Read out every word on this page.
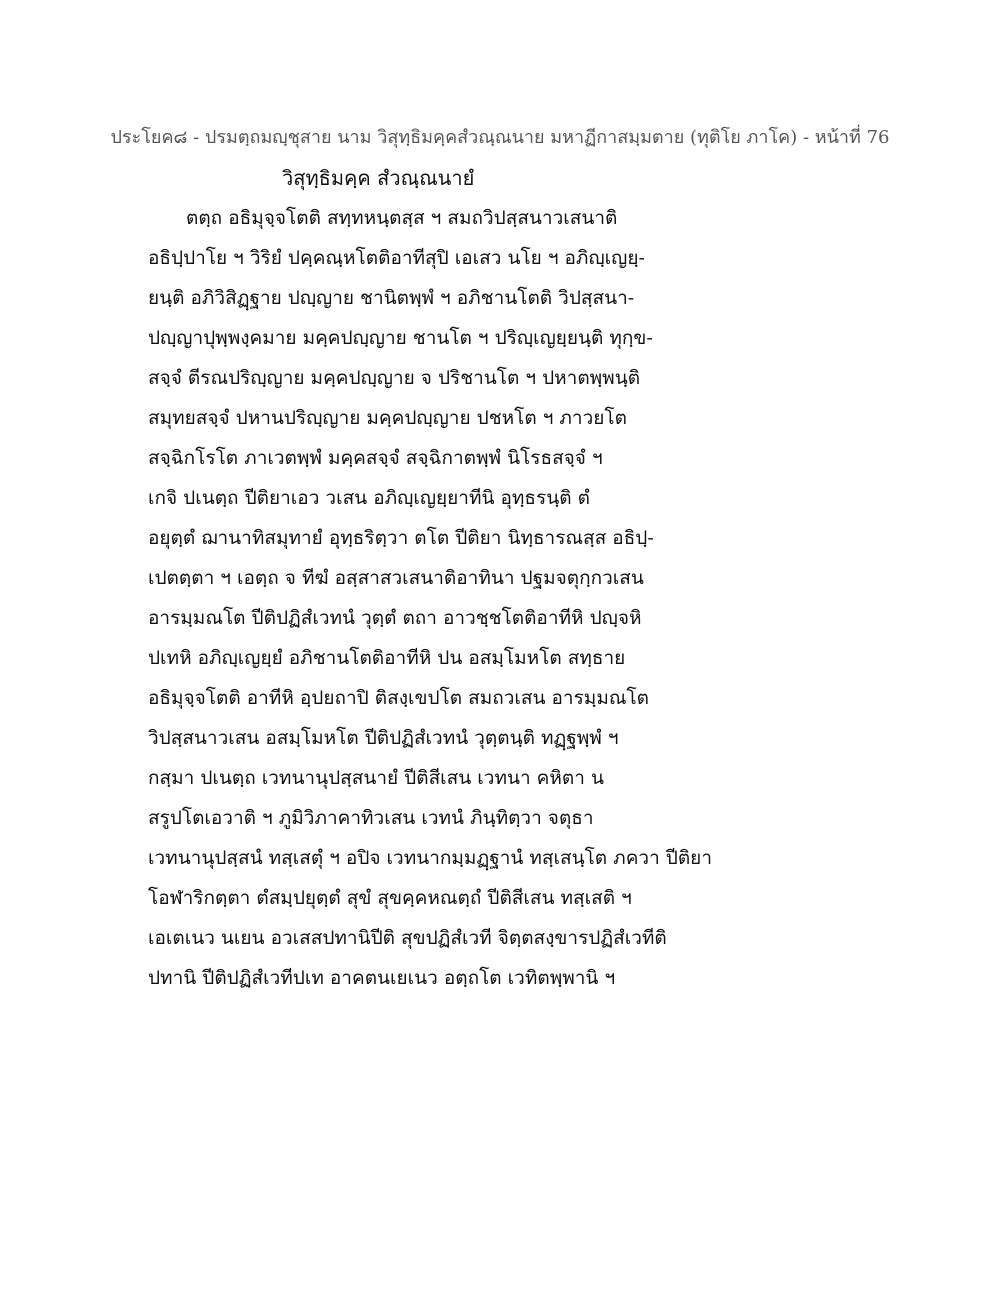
ประโยค๘ - ปรมตฺถมญฺชุสาย นาม วิสุทฺธิมคฺคสํวณฺณนาย มหาฏีกาสมฺมตาย (ทุติโย ภาโค) - หน้าที่ 76
วิสุทฺธิมคฺค สํวณฺณนายํ
ตตฺถ อธิมุจฺจโตติ สทฺทหนฺตสฺส ฯ สมถวิปสฺสนาวเสนาติ
อธิปฺปาโย ฯ วิริยํ ปคฺคณฺหโตติอาทีสุปิ เอเสว นโย ฯ อภิญฺเญยฺ-
ยนฺติ อภิวิสิฏฺฐาย ปญฺญาย ชานิตพฺพํ ฯ อภิชานโตติ วิปสฺสนา-
ปญฺญาปุพฺพงฺคมาย มคฺคปญฺญาย ชานโต ฯ ปริญฺเญยฺยนฺติ ทุกฺข-
สจฺจํ ตีรณปริญฺญาย มคฺคปญฺญาย จ ปริชานโต ฯ ปหาตพฺพนฺติ
สมุทยสจฺจํ ปหานปริญฺญาย มคฺคปญฺญาย ปชหโต ฯ ภาวยโต
สจฺฉิกโรโต ภาเวตพฺพํ มคฺคสจฺจํ สจฺฉิกาตพฺพํ นิโรธสจฺจํ ฯ
เกจิ ปเนตฺถ ปีติยาเอว วเสน อภิญฺเญยฺยาทีนิ อุทฺธรนฺติ ตํ
อยุตฺตํ ฌานาทิสมุทายํ อุทฺธริตฺวา ตโต ปีติยา นิทฺธารณสฺส อธิปฺ-
เปตตฺตา ฯ เอตฺถ จ ทีฆํ อสฺสาสวเสนาติอาทินา ปฐมจตุกฺกวเสน
อารมฺมณโต ปีติปฏิสํเวทนํ วุตฺตํ ตถา อาวชฺชโตติอาทีหิ ปญฺจหิ
ปเทหิ อภิญฺเญยฺยํ อภิชานโตติอาทีหิ ปน อสมฺโมหโต สทฺธาย
อธิมุจฺจโตติ อาทีหิ อฺปยถาปิ ติสงฺเขปโต สมถวเสน อารมฺมณโต
วิปสฺสนาวเสน อสมฺโมหโต ปีติปฏิสํเวทนํ วุตฺตนฺติ ทฏฺฐพฺพํ ฯ
กสฺมา ปเนตฺถ เวทนานุปสฺสนายํ ปีติสีเสน เวทนา คหิตา น
สรูปโตเอวาติ ฯ ภูมิวิภาคาทิวเสน เวทนํ ภินฺทิตฺวา จตุธา
เวทนานุปสฺสนํ ทสฺเสตุํ ฯ อปิจ เวทนากมฺมฏฺฐานํ ทสฺเสนฺโต ภควา ปีติยา
โอฬาริกตฺตา ตํสมฺปยุตฺตํ สุขํ สุขคฺคหณตฺถํ ปีติสีเสน ทสฺเสติ ฯ
เอเตเนว นเยน อวเสสปทานิปีติ สุขปฏิสํเวที จิตฺตสงฺขารปฏิสํเวทีติ
ปทานิ ปีติปฏิสํเวทีปเท อาคตนเยเนว อตฺถโต เวทิตพฺพานิ ฯ
